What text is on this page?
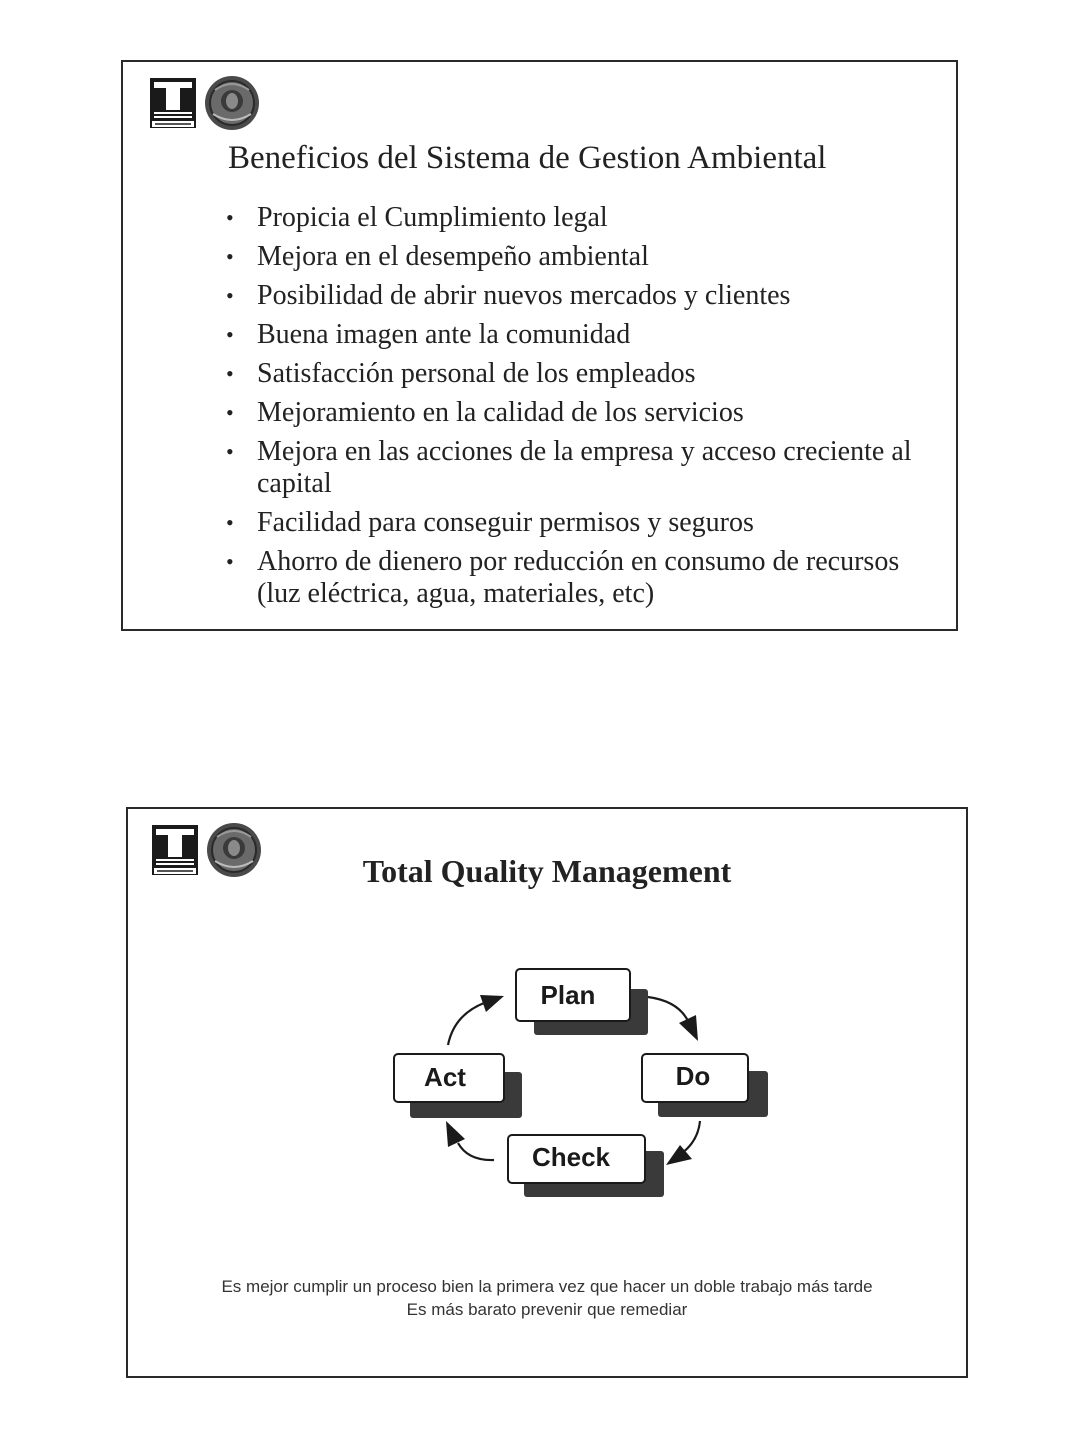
Beneficios del Sistema de Gestion Ambiental
• Propicia el Cumplimiento legal
• Mejora en el desempeño ambiental
• Posibilidad de abrir nuevos mercados y clientes
• Buena imagen ante la comunidad
• Satisfacción personal de los empleados
• Mejoramiento en la calidad de los servicios
• Mejora en las acciones de la empresa y acceso creciente al capital
• Facilidad para conseguir permisos y seguros
• Ahorro de dienero por reducción en consumo de recursos (luz eléctrica, agua, materiales, etc)
Total Quality Management
Plan
Act	Do
Check
Es mejor cumplir un proceso bien la primera vez que hacer un doble trabajo más tarde
Es más barato prevenir que remediar
